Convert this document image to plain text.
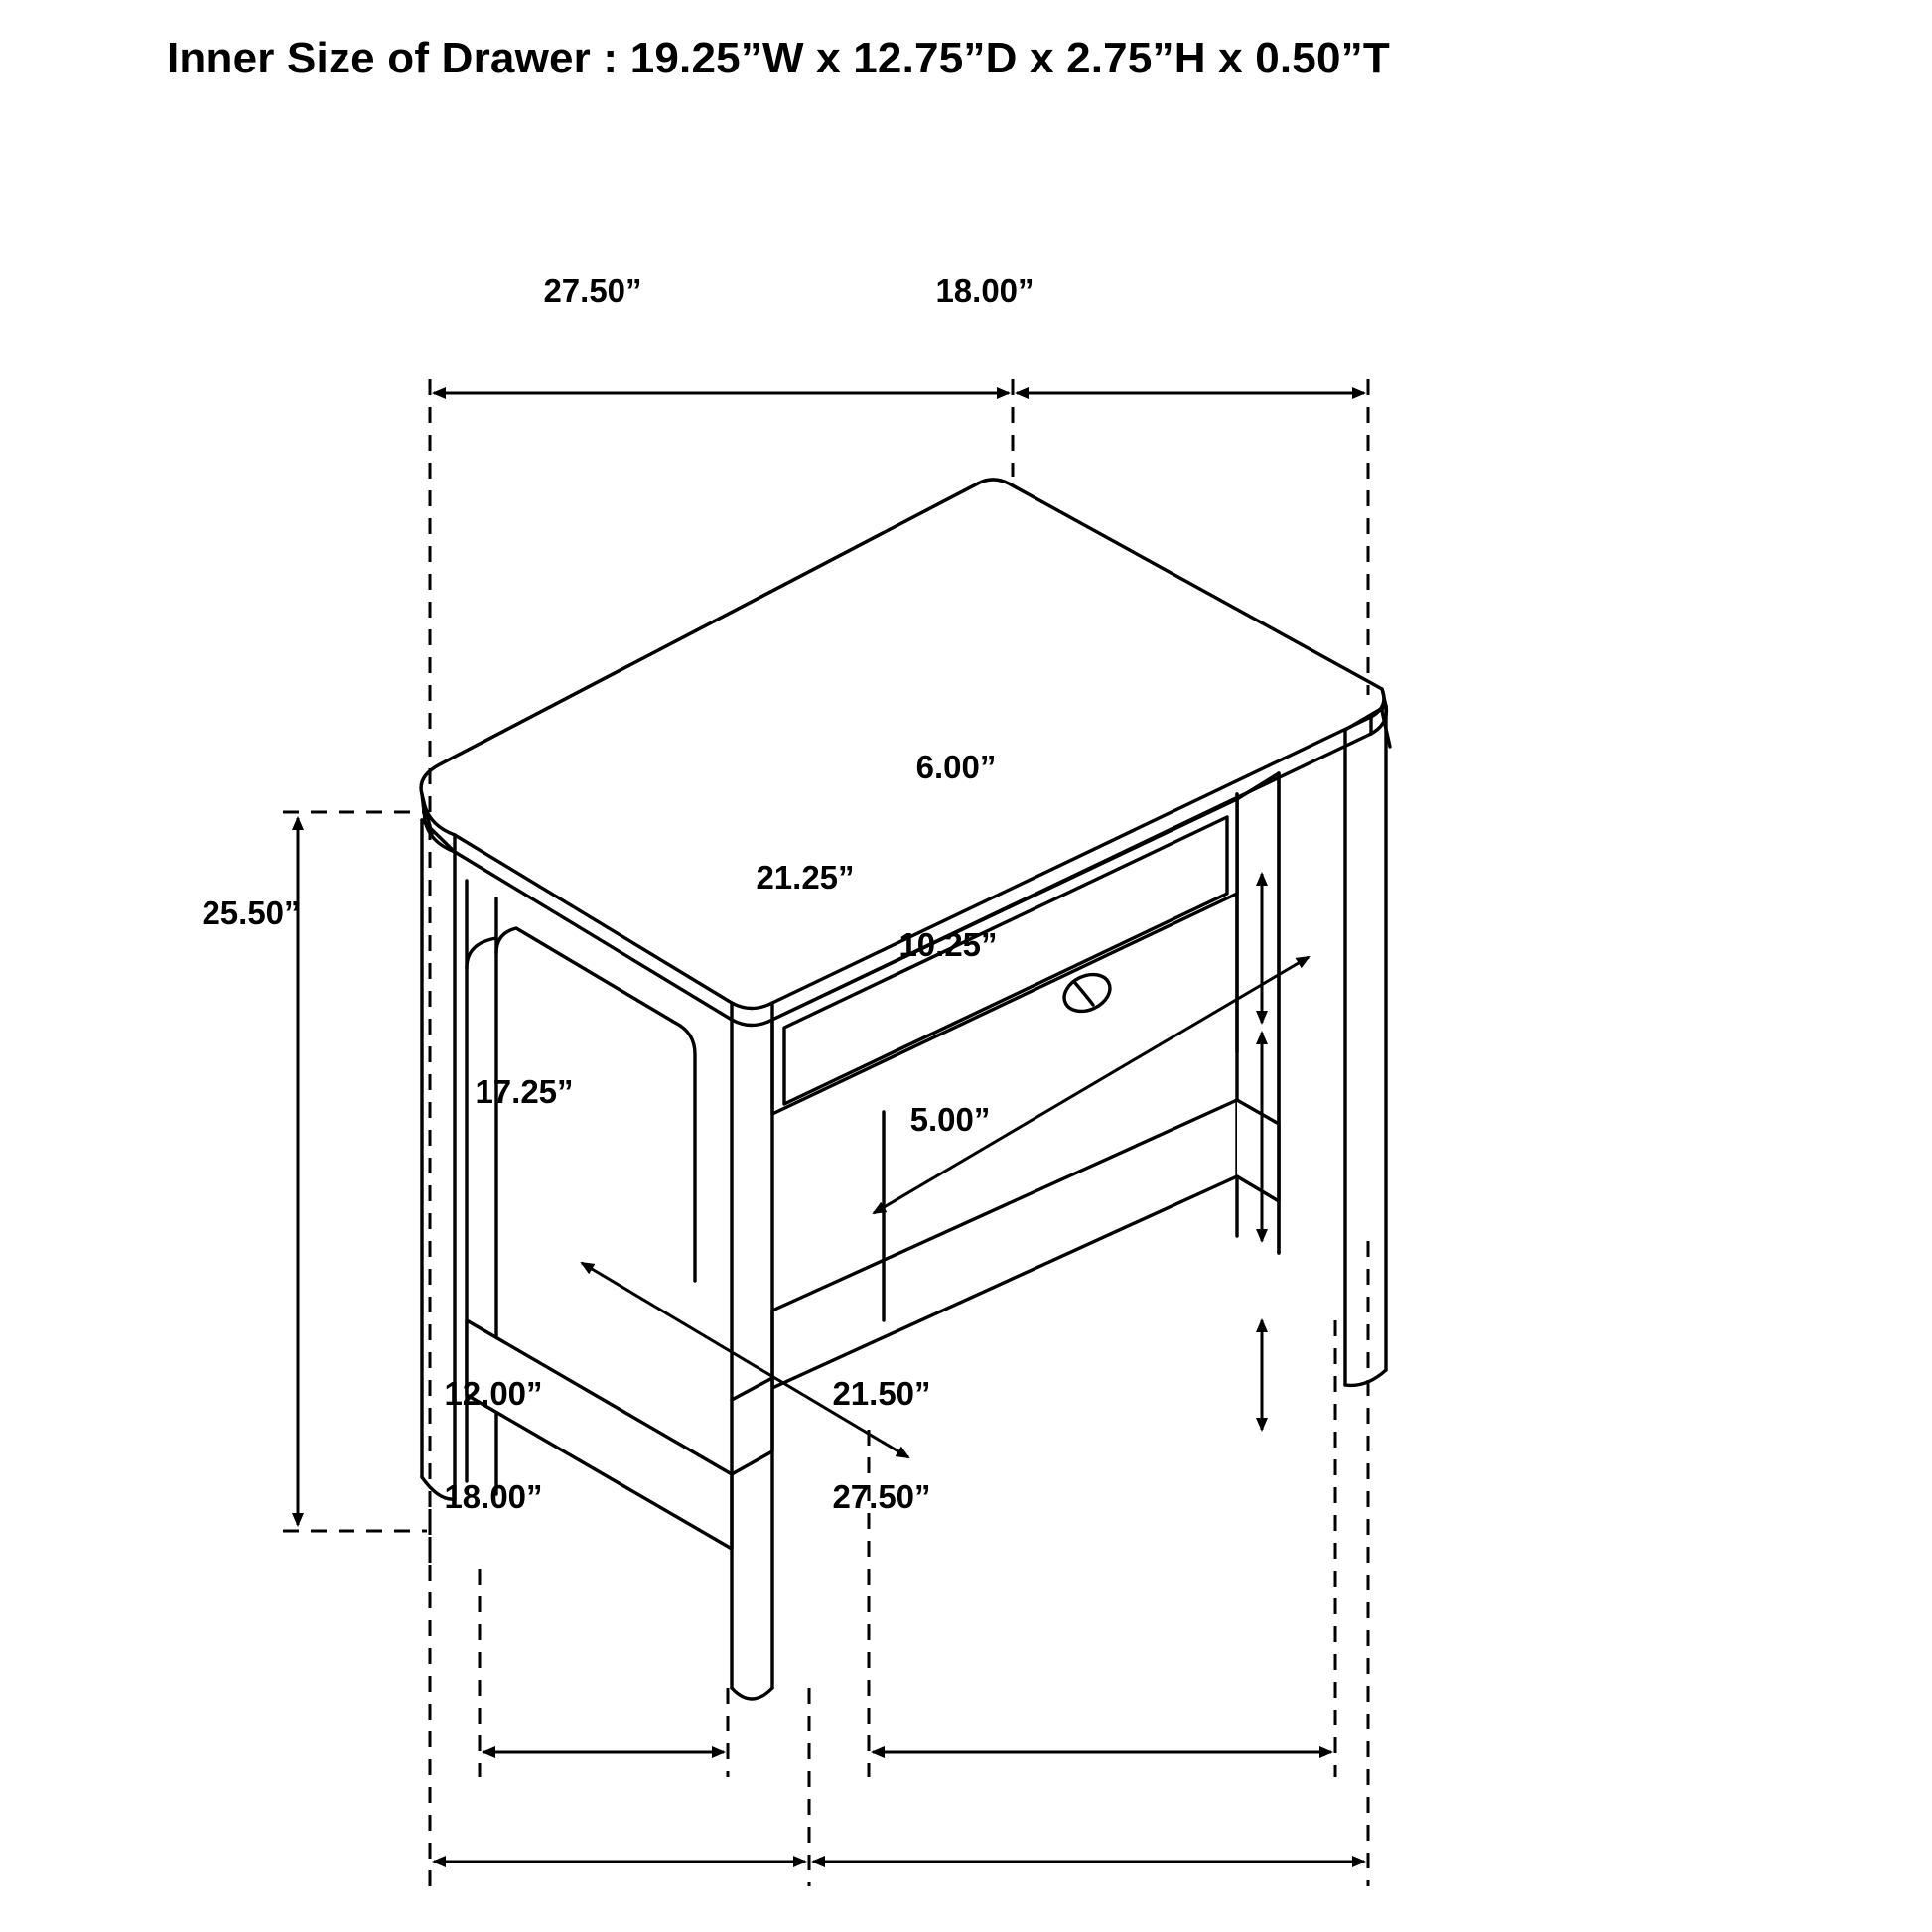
Inner Size of Drawer : 19.25”W x 12.75”D x 2.75”H x 0.50”T
27.50”	18.00”
25.50”
6.00”
21.25”
10.25”
17.25”
5.00”
12.00”	21.50”
18.00”	27.50”
